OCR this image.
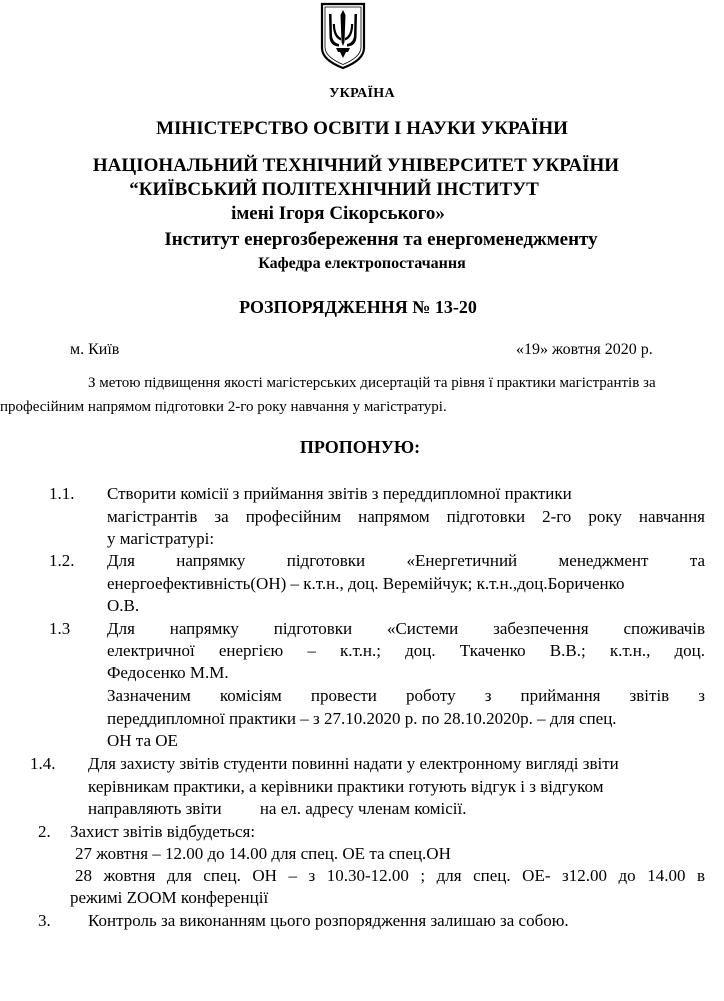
УКРАЇНА
МІНІСТЕРСТВО ОСВІТИ І НАУКИ УКРАЇНИ
НАЦІОНАЛЬНИЙ ТЕХНІЧНИЙ УНІВЕРСИТЕТ УКРАЇНИ
“КИЇВСЬКИЙ ПОЛІТЕХНІЧНИЙ ІНСТИТУТ
імені Ігоря Сікорського»
Інститут енергозбереження та енергоменеджменту
Кафедра електропостачання
РОЗПОРЯДЖЕННЯ № 13-20
м. Київ	«19» жовтня 2020 р.
З метою підвищення якості магістерських дисертацій та рівня ї практики магістрантів за
професійним напрямом підготовки 2-го року навчання у магістратурі.
ПРОПОНУЮ:
1.1. Створити комісії з приймання звітів з переддипломної практики
магістрантів за професійним напрямом підготовки 2-го року навчання
у магістратурі:
1.2. Для напрямку підготовки «Енергетичний менеджмент та
енергоефективність(ОН) – к.т.н., доц. Веремійчук; к.т.н.,доц.Бориченко
О.В.
1.3 Для напрямку підготовки «Системи забезпечення споживачів
електричної енергією – к.т.н.; доц. Ткаченко В.В.; к.т.н., доц.
Федосенко М.М.
Зазначеним комісіям провести роботу з приймання звітів з
переддипломної практики – з 27.10.2020 р. по 28.10.2020р. – для спец.
ОН та ОЕ
1.4. Для захисту звітів студенти повинні надати у електронному вигляді звіти
керівникам практики, а керівники практики готують відгук і з відгуком
направляють звіти         на ел. адресу членам комісії.
2. Захист звітів відбудеться:
27 жовтня – 12.00 до 14.00 для спец. ОЕ та спец.ОН
28 жовтня для спец. ОН – з 10.30-12.00 ; для спец. ОЕ- з12.00 до 14.00 в
режимі ZOOM конференції
3. Контроль за виконанням цього розпорядження залишаю за собою.
